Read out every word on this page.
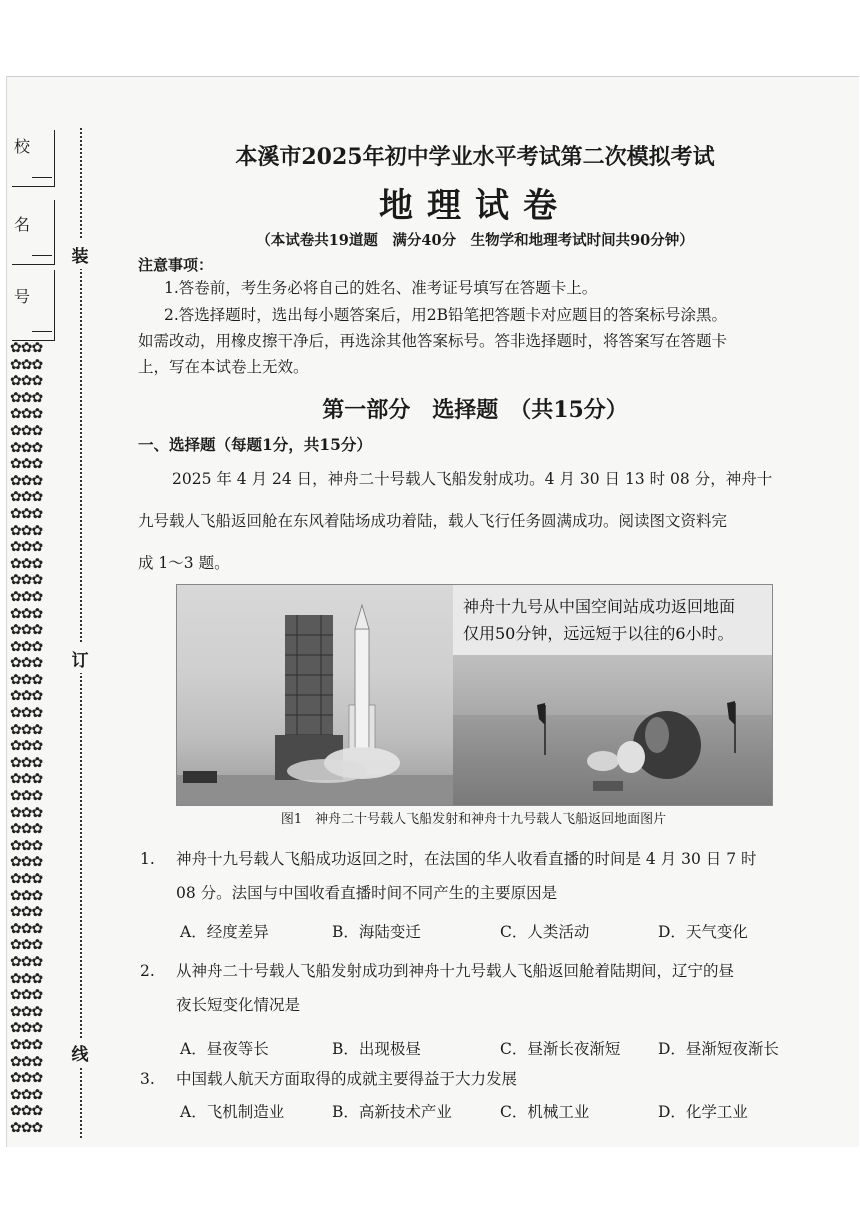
校
名
号
✿✿✿
✿✿✿
✿✿✿
✿✿✿
✿✿✿
✿✿✿
✿✿✿
✿✿✿
✿✿✿
✿✿✿
✿✿✿
✿✿✿
✿✿✿
✿✿✿
✿✿✿
✿✿✿
✿✿✿
✿✿✿
✿✿✿
✿✿✿
✿✿✿
✿✿✿
✿✿✿
✿✿✿
✿✿✿
✿✿✿
✿✿✿
✿✿✿
✿✿✿
✿✿✿
✿✿✿
✿✿✿
✿✿✿
✿✿✿
✿✿✿
✿✿✿
✿✿✿
✿✿✿
✿✿✿
✿✿✿
✿✿✿
✿✿✿
✿✿✿
✿✿✿
✿✿✿
✿✿✿
✿✿✿
✿✿✿

装
订
线
本溪市2025年初中学业水平考试第二次模拟考试
地理试卷
（本试卷共19道题　满分40分　生物学和地理考试时间共90分钟）
注意事项：
1.答卷前，考生务必将自己的姓名、准考证号填写在答题卡上。
2.答选择题时，选出每小题答案后，用2B铅笔把答题卡对应题目的答案标号涂黑。
如需改动，用橡皮擦干净后，再选涂其他答案标号。答非选择题时，将答案写在答题卡
上，写在本试卷上无效。
第一部分　选择题　（共15分）
一、选择题（每题1分，共15分）
2025 年 4 月 24 日，神舟二十号载人飞船发射成功。4 月 30 日 13 时 08 分，神舟十
九号载人飞船返回舱在东风着陆场成功着陆，载人飞行任务圆满成功。阅读图文资料完
成 1～3 题。
神舟十九号从中国空间站成功返回地面
仅用50分钟，远远短于以往的6小时。
图1　神舟二十号载人飞船发射和神舟十九号载人飞船返回地面图片
1. 神舟十九号载人飞船成功返回之时，在法国的华人收看直播的时间是 4 月 30 日 7 时
08 分。法国与中国收看直播时间不同产生的主要原因是
A．经度差异	B．海陆变迁	C．人类活动	D．天气变化
2. 从神舟二十号载人飞船发射成功到神舟十九号载人飞船返回舱着陆期间，辽宁的昼
夜长短变化情况是
A．昼夜等长	B．出现极昼	C．昼渐长夜渐短 D．昼渐短夜渐长
3. 中国载人航天方面取得的成就主要得益于大力发展
A．飞机制造业	B．高新技术产业	C．机械工业	D．化学工业
